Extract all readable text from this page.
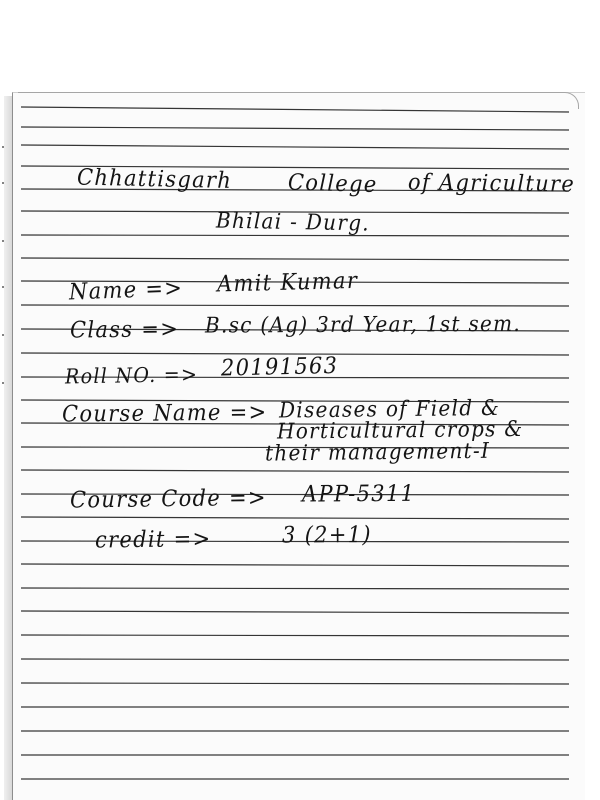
Chhattisgarh	College of Agriculture
Bhilai - Durg.
Name => Amit Kumar
Class => B.sc (Ag) 3rd Year, 1st sem.
Roll NO. => 20191563
Course Name => Diseases of Field &
Horticultural crops &
their management-I
Course Code => APP-5311
credit =>	3 (2+1)
